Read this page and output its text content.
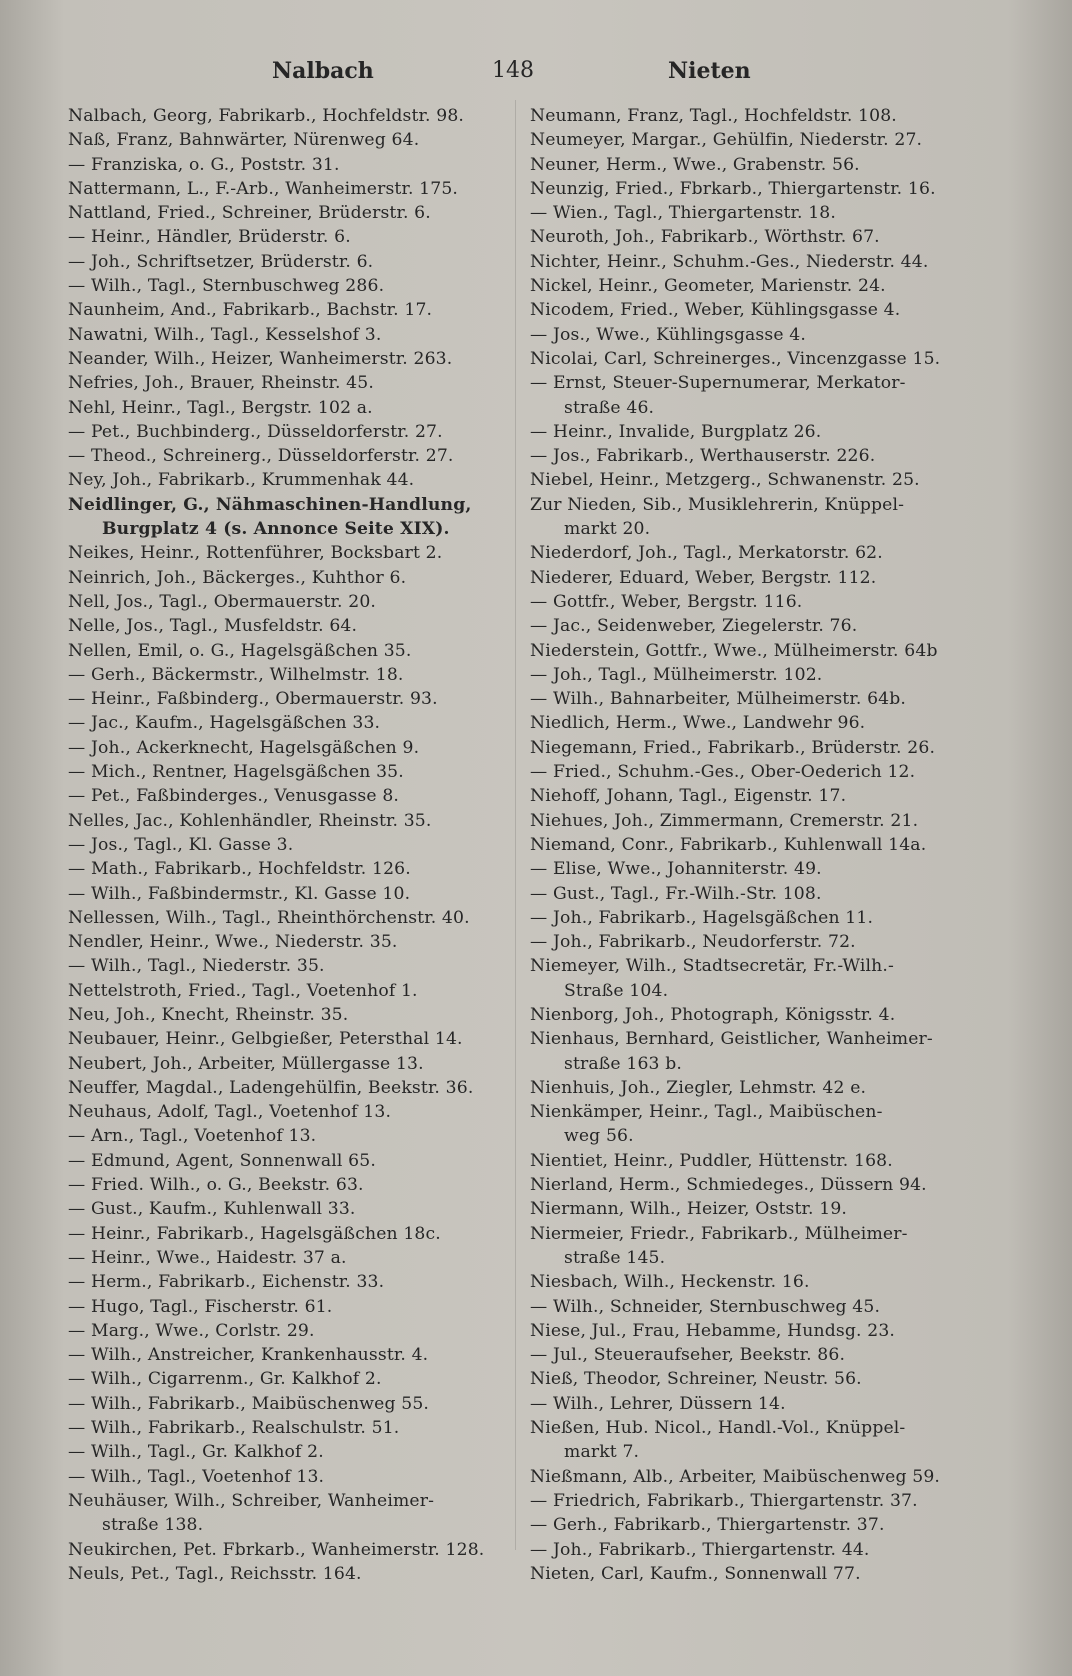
Nalbach	148	Nieten
Nalbach, Georg, Fabrikarb., Hochfeldstr. 98.
Naß, Franz, Bahnwärter, Nürenweg 64.
— Franziska, o. G., Poststr. 31.
Nattermann, L., F.-Arb., Wanheimerstr. 175.
Nattland, Fried., Schreiner, Brüderstr. 6.
— Heinr., Händler, Brüderstr. 6.
— Joh., Schriftsetzer, Brüderstr. 6.
— Wilh., Tagl., Sternbuschweg 286.
Naunheim, And., Fabrikarb., Bachstr. 17.
Nawatni, Wilh., Tagl., Kesselshof 3.
Neander, Wilh., Heizer, Wanheimerstr. 263.
Nefries, Joh., Brauer, Rheinstr. 45.
Nehl, Heinr., Tagl., Bergstr. 102 a.
— Pet., Buchbinderg., Düsseldorferstr. 27.
— Theod., Schreinerg., Düsseldorferstr. 27.
Ney, Joh., Fabrikarb., Krummenhak 44.
Neidlinger, G., Nähmaschinen-Handlung,
Burgplatz 4 (s. Annonce Seite XIX).
Neikes, Heinr., Rottenführer, Bocksbart 2.
Neinrich, Joh., Bäckerges., Kuhthor 6.
Nell, Jos., Tagl., Obermauerstr. 20.
Nelle, Jos., Tagl., Musfeldstr. 64.
Nellen, Emil, o. G., Hagelsgäßchen 35.
— Gerh., Bäckermstr., Wilhelmstr. 18.
— Heinr., Faßbinderg., Obermauerstr. 93.
— Jac., Kaufm., Hagelsgäßchen 33.
— Joh., Ackerknecht, Hagelsgäßchen 9.
— Mich., Rentner, Hagelsgäßchen 35.
— Pet., Faßbinderges., Venusgasse 8.
Nelles, Jac., Kohlenhändler, Rheinstr. 35.
— Jos., Tagl., Kl. Gasse 3.
— Math., Fabrikarb., Hochfeldstr. 126.
— Wilh., Faßbindermstr., Kl. Gasse 10.
Nellessen, Wilh., Tagl., Rheinthörchenstr. 40.
Nendler, Heinr., Wwe., Niederstr. 35.
— Wilh., Tagl., Niederstr. 35.
Nettelstroth, Fried., Tagl., Voetenhof 1.
Neu, Joh., Knecht, Rheinstr. 35.
Neubauer, Heinr., Gelbgießer, Petersthal 14.
Neubert, Joh., Arbeiter, Müllergasse 13.
Neuffer, Magdal., Ladengehülfin, Beekstr. 36.
Neuhaus, Adolf, Tagl., Voetenhof 13.
— Arn., Tagl., Voetenhof 13.
— Edmund, Agent, Sonnenwall 65.
— Fried. Wilh., o. G., Beekstr. 63.
— Gust., Kaufm., Kuhlenwall 33.
— Heinr., Fabrikarb., Hagelsgäßchen 18c.
— Heinr., Wwe., Haidestr. 37 a.
— Herm., Fabrikarb., Eichenstr. 33.
— Hugo, Tagl., Fischerstr. 61.
— Marg., Wwe., Corlstr. 29.
— Wilh., Anstreicher, Krankenhausstr. 4.
— Wilh., Cigarrenm., Gr. Kalkhof 2.
— Wilh., Fabrikarb., Maibüschenweg 55.
— Wilh., Fabrikarb., Realschulstr. 51.
— Wilh., Tagl., Gr. Kalkhof 2.
— Wilh., Tagl., Voetenhof 13.
Neuhäuser, Wilh., Schreiber, Wanheimer-
straße 138.
Neukirchen, Pet. Fbrkarb., Wanheimerstr. 128.
Neuls, Pet., Tagl., Reichsstr. 164.
Neumann, Franz, Tagl., Hochfeldstr. 108.
Neumeyer, Margar., Gehülfin, Niederstr. 27.
Neuner, Herm., Wwe., Grabenstr. 56.
Neunzig, Fried., Fbrkarb., Thiergartenstr. 16.
— Wien., Tagl., Thiergartenstr. 18.
Neuroth, Joh., Fabrikarb., Wörthstr. 67.
Nichter, Heinr., Schuhm.-Ges., Niederstr. 44.
Nickel, Heinr., Geometer, Marienstr. 24.
Nicodem, Fried., Weber, Kühlingsgasse 4.
— Jos., Wwe., Kühlingsgasse 4.
Nicolai, Carl, Schreinerges., Vincenzgasse 15.
— Ernst, Steuer-Supernumerar, Merkator-
straße 46.
— Heinr., Invalide, Burgplatz 26.
— Jos., Fabrikarb., Werthauserstr. 226.
Niebel, Heinr., Metzgerg., Schwanenstr. 25.
Zur Nieden, Sib., Musiklehrerin, Knüppel-
markt 20.
Niederdorf, Joh., Tagl., Merkatorstr. 62.
Niederer, Eduard, Weber, Bergstr. 112.
— Gottfr., Weber, Bergstr. 116.
— Jac., Seidenweber, Ziegelerstr. 76.
Niederstein, Gottfr., Wwe., Mülheimerstr. 64b
— Joh., Tagl., Mülheimerstr. 102.
— Wilh., Bahnarbeiter, Mülheimerstr. 64b.
Niedlich, Herm., Wwe., Landwehr 96.
Niegemann, Fried., Fabrikarb., Brüderstr. 26.
— Fried., Schuhm.-Ges., Ober-Oederich 12.
Niehoff, Johann, Tagl., Eigenstr. 17.
Niehues, Joh., Zimmermann, Cremerstr. 21.
Niemand, Conr., Fabrikarb., Kuhlenwall 14a.
— Elise, Wwe., Johanniterstr. 49.
— Gust., Tagl., Fr.-Wilh.-Str. 108.
— Joh., Fabrikarb., Hagelsgäßchen 11.
— Joh., Fabrikarb., Neudorferstr. 72.
Niemeyer, Wilh., Stadtsecretär, Fr.-Wilh.-
Straße 104.
Nienborg, Joh., Photograph, Königsstr. 4.
Nienhaus, Bernhard, Geistlicher, Wanheimer-
straße 163 b.
Nienhuis, Joh., Ziegler, Lehmstr. 42 e.
Nienkämper, Heinr., Tagl., Maibüschen-
weg 56.
Nientiet, Heinr., Puddler, Hüttenstr. 168.
Nierland, Herm., Schmiedeges., Düssern 94.
Niermann, Wilh., Heizer, Oststr. 19.
Niermeier, Friedr., Fabrikarb., Mülheimer-
straße 145.
Niesbach, Wilh., Heckenstr. 16.
— Wilh., Schneider, Sternbuschweg 45.
Niese, Jul., Frau, Hebamme, Hundsg. 23.
— Jul., Steueraufseher, Beekstr. 86.
Nieß, Theodor, Schreiner, Neustr. 56.
— Wilh., Lehrer, Düssern 14.
Nießen, Hub. Nicol., Handl.-Vol., Knüppel-
markt 7.
Nießmann, Alb., Arbeiter, Maibüschenweg 59.
— Friedrich, Fabrikarb., Thiergartenstr. 37.
— Gerh., Fabrikarb., Thiergartenstr. 37.
— Joh., Fabrikarb., Thiergartenstr. 44.
Nieten, Carl, Kaufm., Sonnenwall 77.
